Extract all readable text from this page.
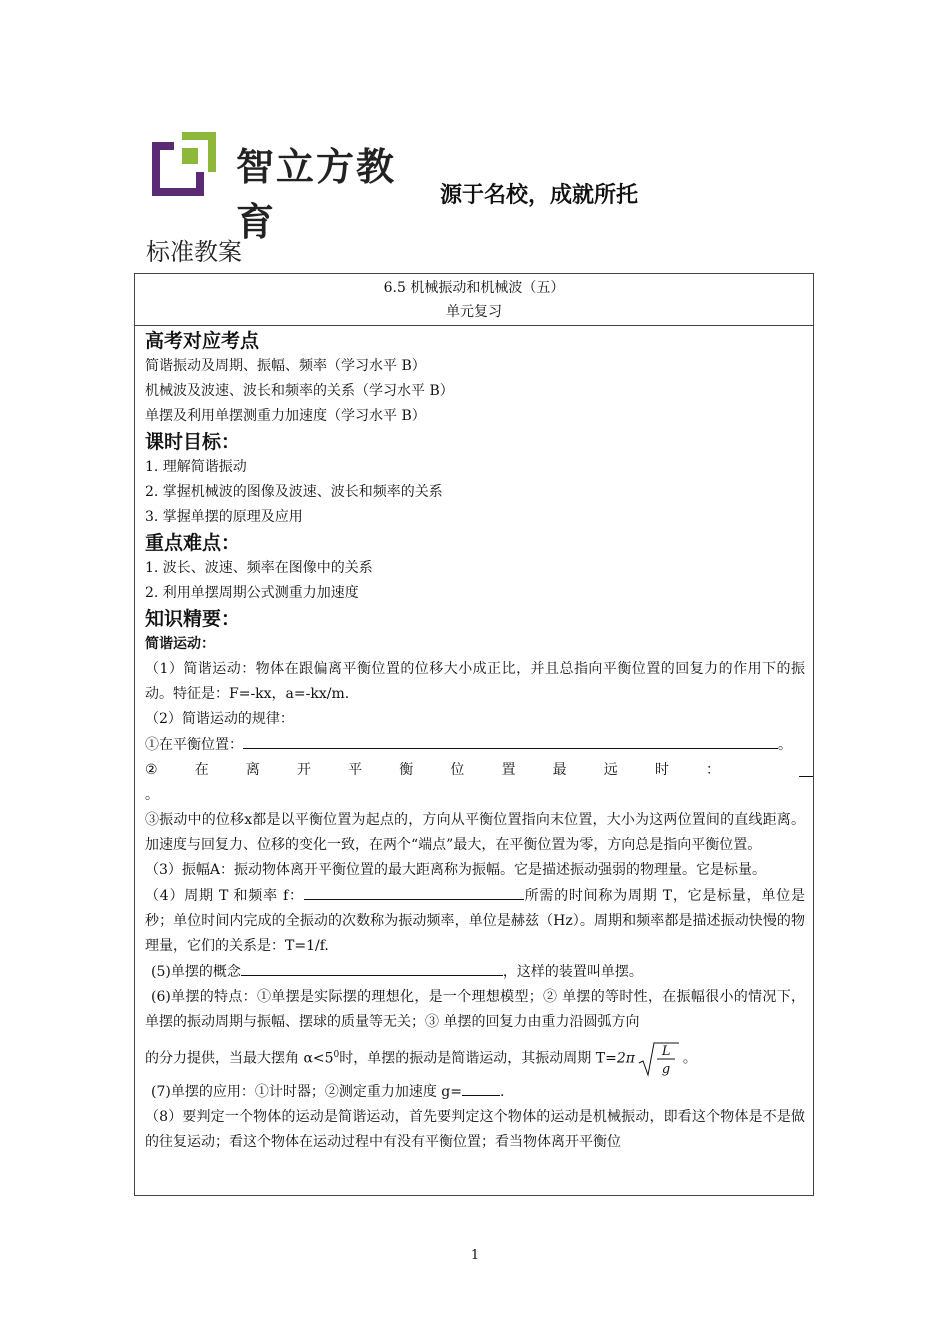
智立方教育
源于名校，成就所托
标准教案
6.5 机械振动和机械波（五）
单元复习
高考对应考点
简谐振动及周期、振幅、频率（学习水平 B）
机械波及波速、波长和频率的关系（学习水平 B）
单摆及利用单摆测重力加速度（学习水平 B）
课时目标：
1. 理解简谐振动
2. 掌握机械波的图像及波速、波长和频率的关系
3. 掌握单摆的原理及应用
重点难点：
1. 波长、波速、频率在图像中的关系
2. 利用单摆周期公式测重力加速度
知识精要：
简谐运动：
（1）简谐运动：物体在跟偏离平衡位置的位移大小成正比，并且总指向平衡位置的回复力的作用下的振动。特征是：F=-kx，a=-kx/m.
（2）简谐运动的规律：
①在平衡位置：	。
②	在	离	开	平	衡	位	置	最	远	时	：
。
③振动中的位移x都是以平衡位置为起点的，方向从平衡位置指向末位置，大小为这两位置间的直线距离。加速度与回复力、位移的变化一致，在两个“端点”最大，在平衡位置为零，方向总是指向平衡位置。
（3）振幅A：振动物体离开平衡位置的最大距离称为振幅。它是描述振动强弱的物理量。它是标量。
（4）周期 T 和频率 f：	所需的时间称为周期 T，它是标量，单位是秒；单位时间内完成的全振动的次数称为振动频率，单位是赫兹（Hz）。周期和频率都是描述振动快慢的物理量，它们的关系是：T=1/f.
(5)单摆的概念	，这样的装置叫单摆。
(6)单摆的特点：①单摆是实际摆的理想化，是一个理想模型；② 单摆的等时性，在振幅很小的情况下，单摆的振动周期与振幅、摆球的质量等无关；③ 单摆的回复力由重力沿圆弧方向
的分力提供，当最大摆角 $\alpha<5^0$时，单摆的振动是简谐运动，其振动周期 T=2π L
g
。
(7)单摆的应用：①计时器；②测定重力加速度 g=	.
（8）要判定一个物体的运动是简谐运动，首先要判定这个物体的运动是机械振动，即看这个物体是不是做的往复运动；看这个物体在运动过程中有没有平衡位置；看当物体离开平衡位
1
